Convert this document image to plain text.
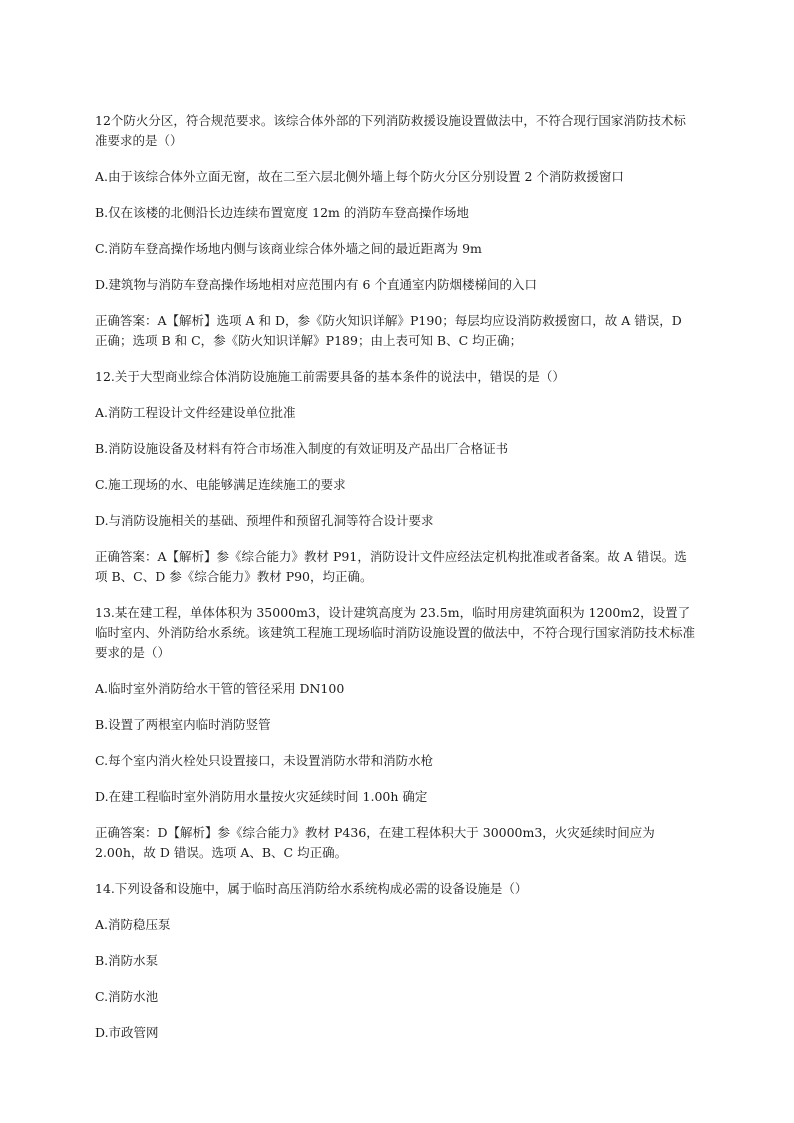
12个防火分区，符合规范要求。该综合体外部的下列消防救援设施设置做法中，不符合现行国家消防技术标准要求的是（）

A.由于该综合体外立面无窗，故在二至六层北侧外墙上每个防火分区分别设置 2 个消防救援窗口

B.仅在该楼的北侧沿长边连续布置宽度 12m 的消防车登高操作场地

C.消防车登高操作场地内侧与该商业综合体外墙之间的最近距离为 9m

D.建筑物与消防车登高操作场地相对应范围内有 6 个直通室内防烟楼梯间的入口

正确答案：A【解析】选项 A 和 D，参《防火知识详解》P190；每层均应设消防救援窗口，故 A 错误，D 正确；选项 B 和 C，参《防火知识详解》P189；由上表可知 B、C 均正确；

12.关于大型商业综合体消防设施施工前需要具备的基本条件的说法中，错误的是（）

A.消防工程设计文件经建设单位批准

B.消防设施设备及材料有符合市场准入制度的有效证明及产品出厂合格证书

C.施工现场的水、电能够满足连续施工的要求

D.与消防设施相关的基础、预埋件和预留孔洞等符合设计要求

正确答案：A【解析】参《综合能力》教材 P91，消防设计文件应经法定机构批准或者备案。故 A 错误。选项 B、C、D 参《综合能力》教材 P90，均正确。

13.某在建工程，单体体积为 35000m3，设计建筑高度为 23.5m，临时用房建筑面积为 1200m2，设置了临时室内、外消防给水系统。该建筑工程施工现场临时消防设施设置的做法中，不符合现行国家消防技术标准要求的是（）

A.临时室外消防给水干管的管径采用 DN100

B.设置了两根室内临时消防竖管

C.每个室内消火栓处只设置接口，未设置消防水带和消防水枪

D.在建工程临时室外消防用水量按火灾延续时间 1.00h 确定

正确答案：D【解析】参《综合能力》教材 P436，在建工程体积大于 30000m3，火灾延续时间应为 2.00h，故 D 错误。选项 A、B、C 均正确。

14.下列设备和设施中，属于临时高压消防给水系统构成必需的设备设施是（）

A.消防稳压泵

B.消防水泵

C.消防水池

D.市政管网
